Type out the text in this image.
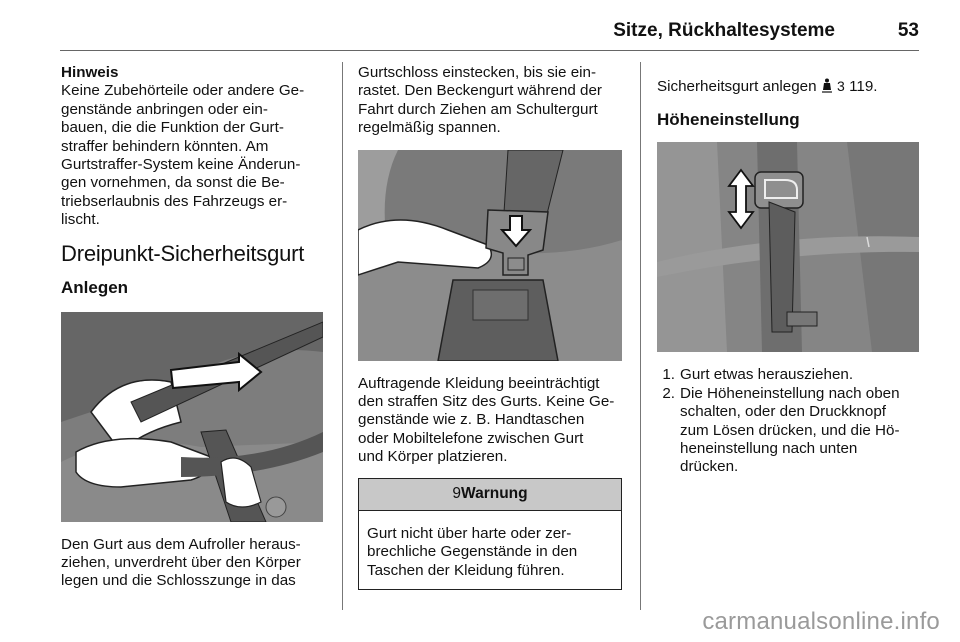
Sitze, Rückhaltesysteme	53
Hinweis
Keine Zubehörteile oder andere Ge-
genstände anbringen oder ein-
bauen, die die Funktion der Gurt-
straffer behindern könnten. Am
Gurtstraffer-System keine Änderun-
gen vornehmen, da sonst die Be-
triebserlaubnis des Fahrzeugs er-
lischt.
Dreipunkt-Sicherheitsgurt
Anlegen
Den Gurt aus dem Aufroller heraus-
ziehen, unverdreht über den Körper
legen und die Schlosszunge in das
Gurtschloss einstecken, bis sie ein-
rastet. Den Beckengurt während der
Fahrt durch Ziehen am Schultergurt
regelmäßig spannen.
Auftragende Kleidung beeinträchtigt
den straffen Sitz des Gurts. Keine Ge-
genstände wie z. B. Handtaschen
oder Mobiltelefone zwischen Gurt
und Körper platzieren.
9Warnung
Gurt nicht über harte oder zer-
brechliche Gegenstände in den
Taschen der Kleidung führen.
Sicherheitsgurt anlegen 3 119.
Höheneinstellung
1. Gurt etwas herausziehen.
2. Die Höheneinstellung nach oben
schalten, oder den Druckknopf
zum Lösen drücken, und die Hö-
heneinstellung nach unten
drücken.
carmanualsonline.info
